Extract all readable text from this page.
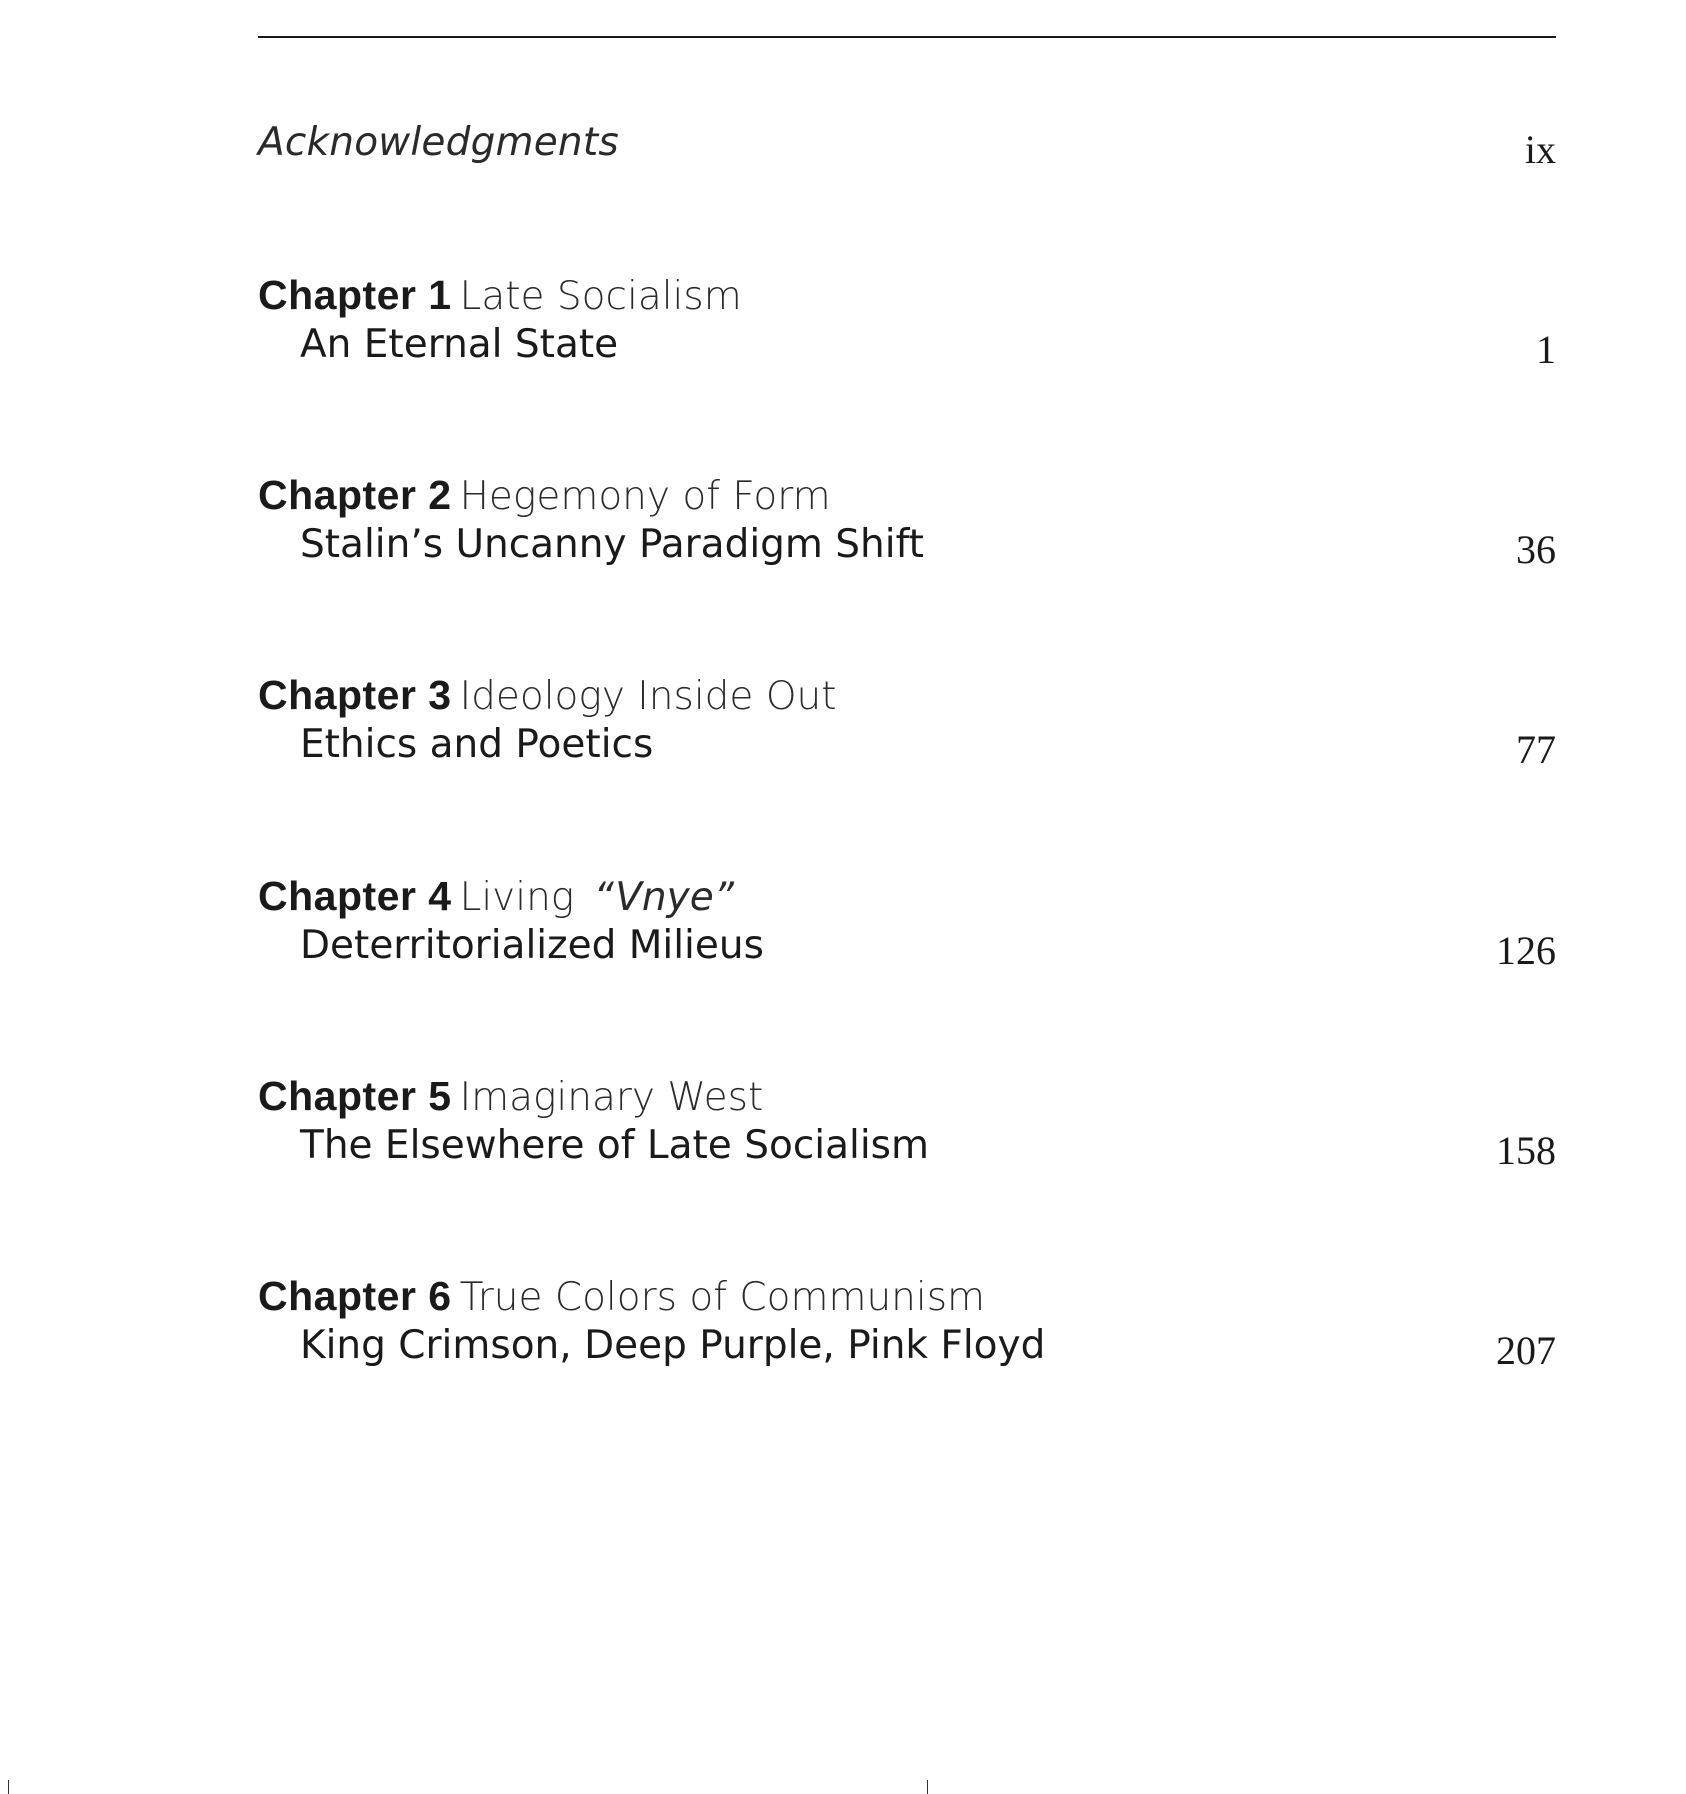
Acknowledgments	ix
Chapter 1 Late Socialism
An Eternal State	1
Chapter 2 Hegemony of Form
Stalin’s Uncanny Paradigm Shift	36
Chapter 3 Ideology Inside Out
Ethics and Poetics	77
Chapter 4 Living “Vnye”
Deterritorialized Milieus	126
Chapter 5 Imaginary West
The Elsewhere of Late Socialism	158
Chapter 6 True Colors of Communism
King Crimson, Deep Purple, Pink Floyd	207
